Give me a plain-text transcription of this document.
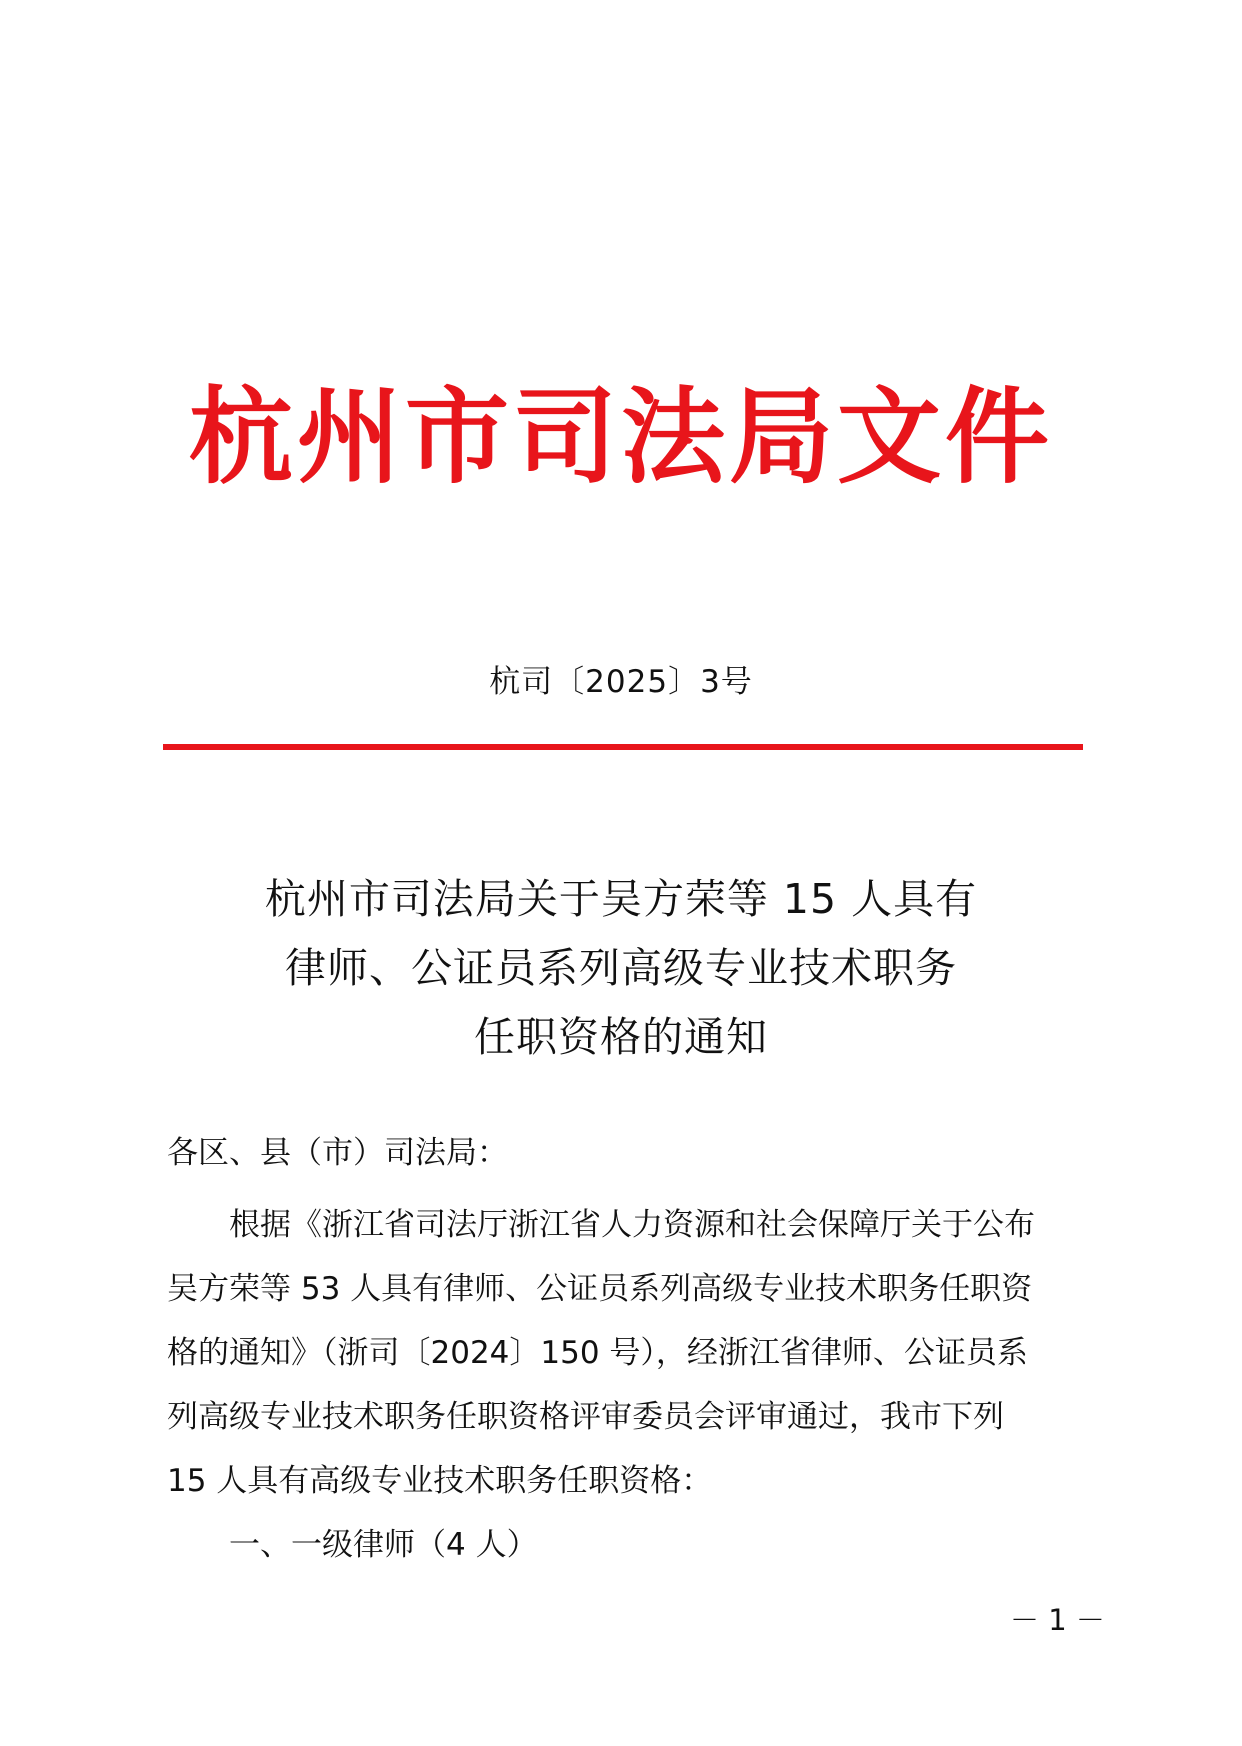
杭州市司法局文件
杭司〔2025〕3号
杭州市司法局关于吴方荣等 15 人具有
律师、公证员系列高级专业技术职务
任职资格的通知
各区、县（市）司法局：
根据《浙江省司法厅浙江省人力资源和社会保障厅关于公布
吴方荣等 53 人具有律师、公证员系列高级专业技术职务任职资
格的通知》（浙司〔2024〕150 号），经浙江省律师、公证员系
列高级专业技术职务任职资格评审委员会评审通过，我市下列
15 人具有高级专业技术职务任职资格：
一、一级律师（4 人）
－ 1 －
